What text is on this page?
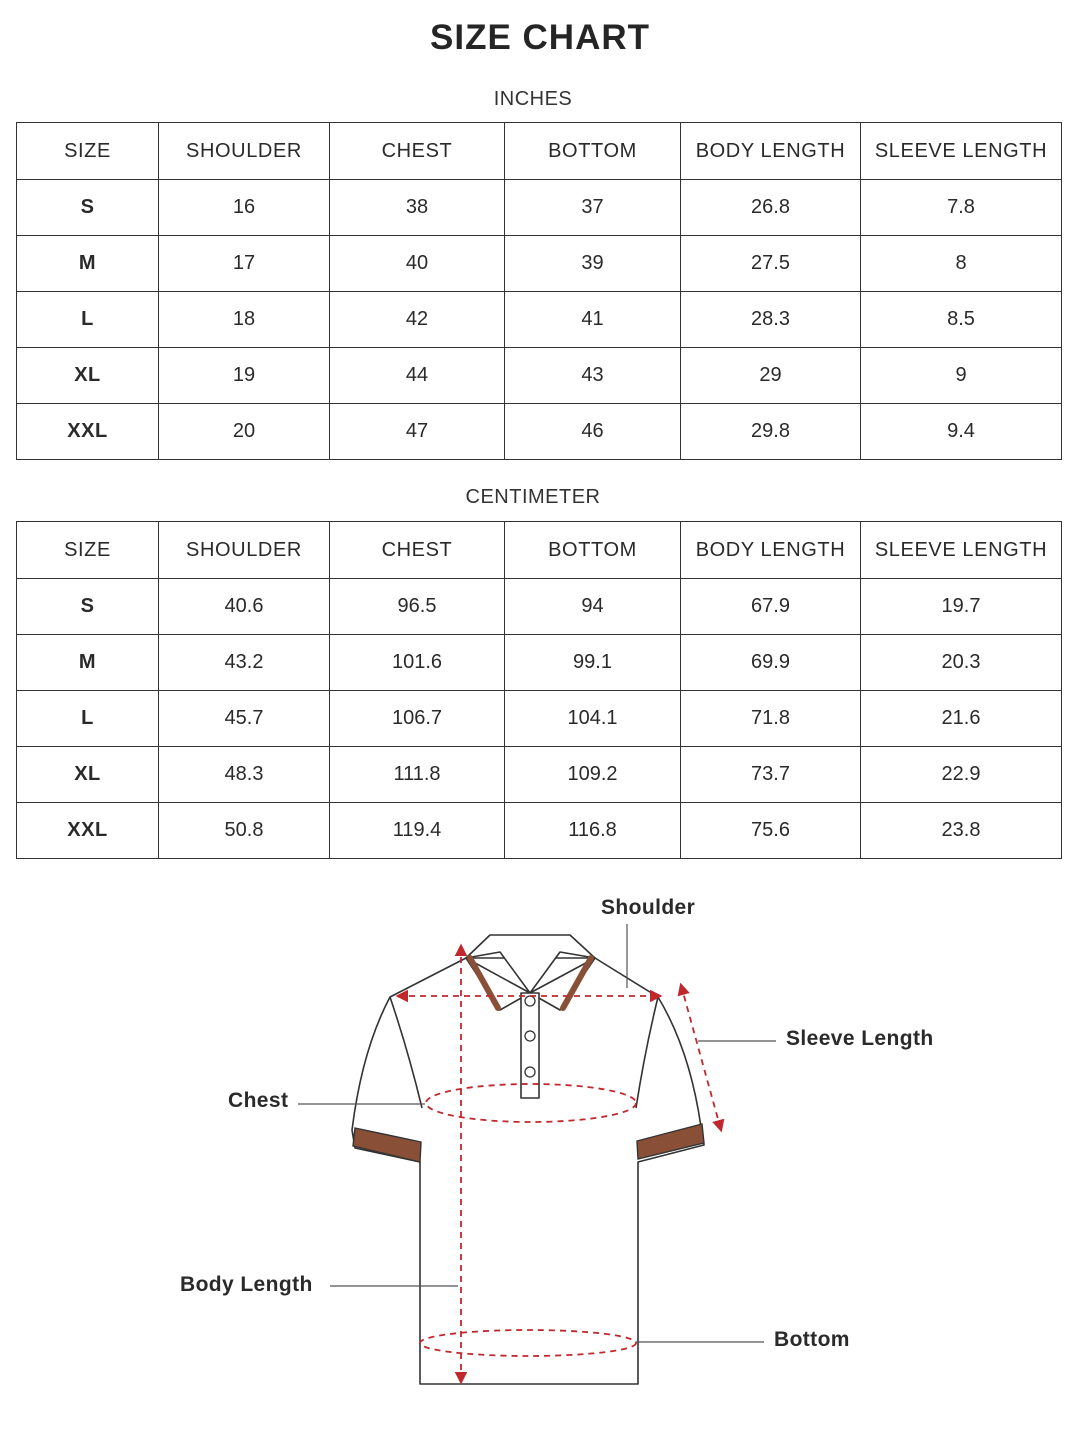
SIZE CHART
INCHES
SIZE	SHOULDER	CHEST	BOTTOM	BODY LENGTH	SLEEVE LENGTH
S	16	38	37	26.8	7.8
M	17	40	39	27.5	8
L	18	42	41	28.3	8.5
XL	19	44	43	29	9
XXL	20	47	46	29.8	9.4
CENTIMETER
SIZE	SHOULDER	CHEST	BOTTOM	BODY LENGTH	SLEEVE LENGTH
S	40.6	96.5	94	67.9	19.7
M	43.2	101.6	99.1	69.9	20.3
L	45.7	106.7	104.1	71.8	21.6
XL	48.3	111.8	109.2	73.7	22.9
XXL	50.8	119.4	116.8	75.6	23.8
Shoulder
Sleeve Length
Chest
Body Length
Bottom
